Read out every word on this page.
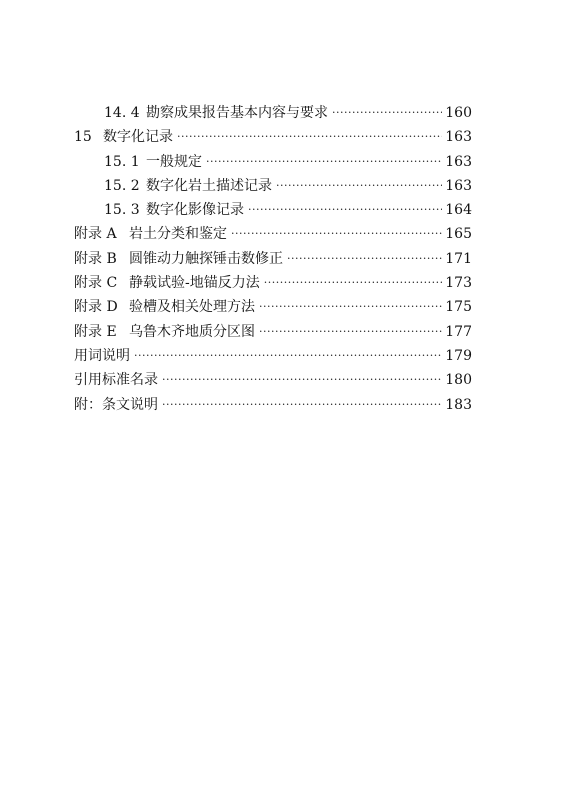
14. 4 勘察成果报告基本内容与要求 ·····	160
15 数字化记录 ·····	163
15. 1 一般规定 ·····	163
15. 2 数字化岩土描述记录 ·····	163
15. 3 数字化影像记录 ·····	164
附录 A 岩土分类和鉴定 ·····	165
附录 B 圆锥动力触探锤击数修正 ·····	171
附录 C 静载试验-地锚反力法 ·····	173
附录 D 验槽及相关处理方法 ·····	175
附录 E 乌鲁木齐地质分区图 ·····	177
用词说明 ·····	179
引用标准名录 ·····	180
附：条文说明 ·····	183
